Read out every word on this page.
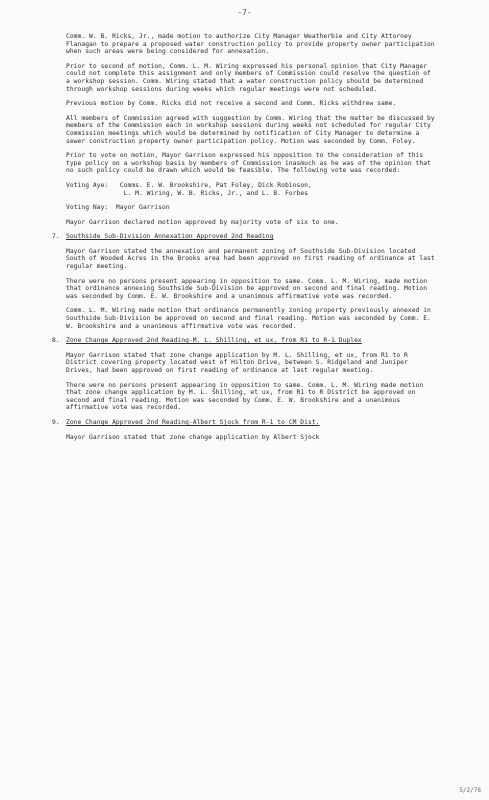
-7-

Comm. W. B. Ricks, Jr., made motion to authorize City Manager Weatherbie and City Attorney Flanagan to prepare a proposed water construction policy to provide property owner participation when such areas were being considered for annexation.

Prior to second of motion, Comm. L. M. Wiring expressed his personal opinion that City Manager could not complete this assignment and only members of Commission could resolve the question of a workshop session. Comm. Wiring stated that a water construction policy should be determined through workshop sessions during weeks which regular meetings were not scheduled.

Previous motion by Comm. Ricks did not receive a second and Comm. Ricks withdrew same.

All members of Commission agreed with suggestion by Comm. Wiring that the matter be discussed by members of the Commission each in workshop sessions during weeks not scheduled for regular City Commission meetings which would be determined by notification of City Manager to determine a sewer construction property owner participation policy. Motion was seconded by Comm. Foley.

Prior to vote on motion, Mayor Garrison expressed his opposition to the consideration of this type policy on a workshop basis by members of Commission inasmuch as he was of the opinion that no such policy could be drawn which would be feasible. The following vote was recorded:

Voting Aye: Comms. E. W. Brookshire, Pat Foley, Dick Robinson,
L. M. Wiring, W. B. Ricks, Jr., and L. B. Forbes
Voting Nay:  Mayor Garrison

Mayor Garrison declared motion approved by majority vote of six to one.

7. Southside Sub-Division Annexation Approved 2nd Reading

Mayor Garrison stated the annexation and permanent zoning of Southside Sub-Division located South of Wooded Acres in the Brooks area had been approved on first reading of ordinance at last regular meeting.

There were no persons present appearing in opposition to same. Comm. L. M. Wiring, made motion that ordinance annexing Southside Sub-Division be approved on second and final reading. Motion was seconded by Comm. E. W. Brookshire and a unanimous affirmative vote was recorded.

Comm. L. M. Wiring made motion that ordinance permanently zoning property previously annexed in Southside Sub-Division be approved on second and final reading. Motion was seconded by Comm. E. W. Brookshire and a unanimous affirmative vote was recorded.

8. Zone Change Approved 2nd Reading-M. L. Shilling, et ux, from R1 to R-1 Duplex

Mayor Garrison stated that zone change application by M. L. Shilling, et ux, from R1 to R District covering property located west of Hilton Drive, between S. Ridgeland and Juniper Drives, had been approved on first reading of ordinance at last regular meeting.

There were no persons present appearing in opposition to same. Comm. L. M. Wiring made motion that zone change application by M. L. Shilling, et ux, from R1 to R District be approved on second and final reading. Motion was seconded by Comm. E. W. Brookshire and a unanimous affirmative vote was recorded.

9. Zone Change Approved 2nd Reading-Albert Sjock from R-1 to CM Dist.

Mayor Garrison stated that zone change application by Albert Sjock

5/2/76
